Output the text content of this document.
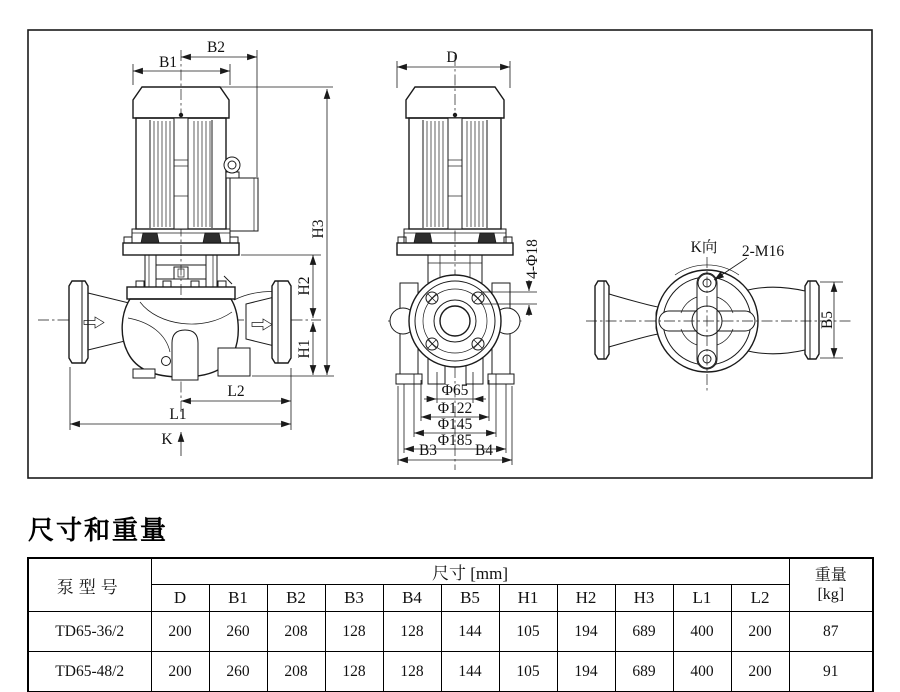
B2
B1
H3
H2
H1
L2
L1
K
D
4-Φ18
Φ65
Φ122
Φ145
Φ185
B3 B4
K向 2-M16
B5
尺寸和重量
泵型号	尺寸 [mm]											重量
[kg]

	D	B1	B2	B3	B4	B5	H1	H2	H3	L1	L2	
TD65-36/2	200	260	208	128	128	144	105	194	689	400	200	87
TD65-48/2	200	260	208	128	128	144	105	194	689	400	200	91
